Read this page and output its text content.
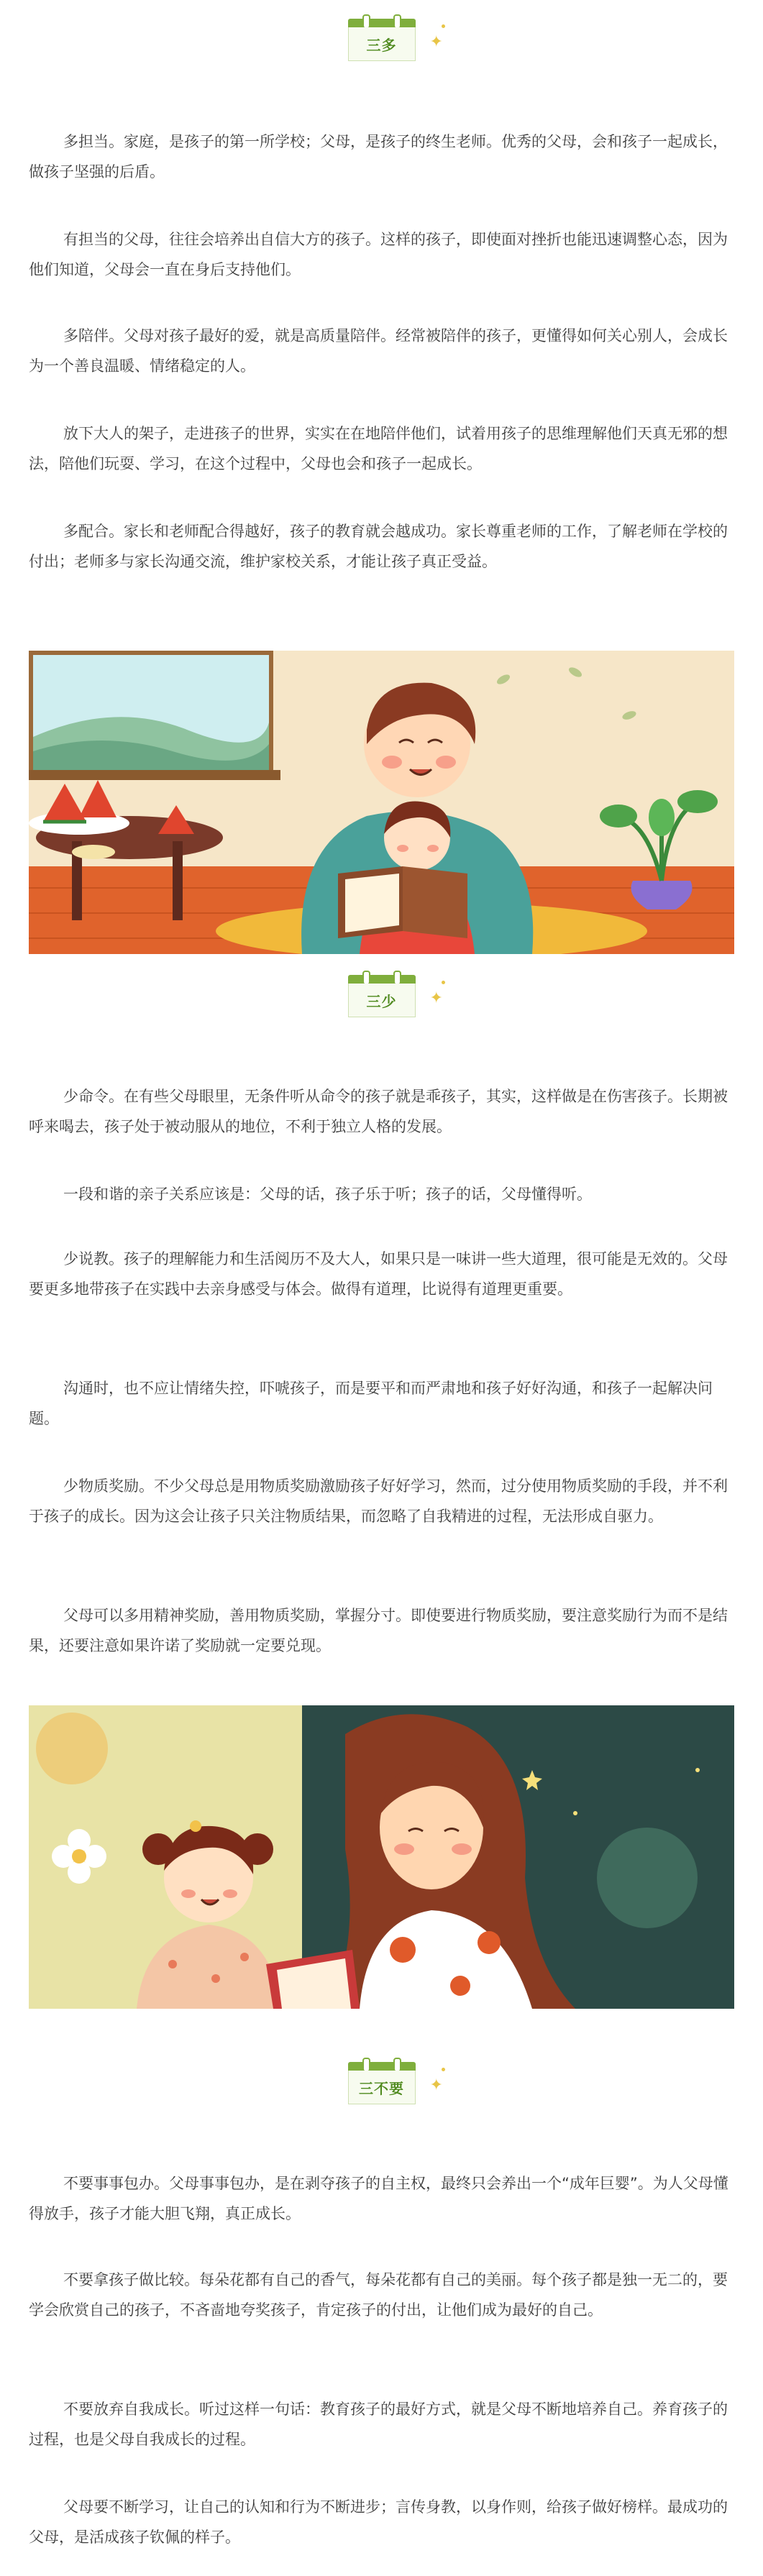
三多	✦

多担当。家庭，是孩子的第一所学校；父母，是孩子的终生老师。优秀的父母，会和孩子一起成长，做孩子坚强的后盾。

有担当的父母，往往会培养出自信大方的孩子。这样的孩子，即使面对挫折也能迅速调整心态，因为他们知道，父母会一直在身后支持他们。

多陪伴。父母对孩子最好的爱，就是高质量陪伴。经常被陪伴的孩子，更懂得如何关心别人，会成长为一个善良温暖、情绪稳定的人。

放下大人的架子，走进孩子的世界，实实在在地陪伴他们，试着用孩子的思维理解他们天真无邪的想法，陪他们玩耍、学习，在这个过程中，父母也会和孩子一起成长。

多配合。家长和老师配合得越好，孩子的教育就会越成功。家长尊重老师的工作，了解老师在学校的付出；老师多与家长沟通交流，维护家校关系，才能让孩子真正受益。

三少	✦

少命令。在有些父母眼里，无条件听从命令的孩子就是乖孩子，其实，这样做是在伤害孩子。长期被呼来喝去，孩子处于被动服从的地位，不利于独立人格的发展。

一段和谐的亲子关系应该是：父母的话，孩子乐于听；孩子的话，父母懂得听。

少说教。孩子的理解能力和生活阅历不及大人，如果只是一味讲一些大道理，很可能是无效的。父母要更多地带孩子在实践中去亲身感受与体会。做得有道理，比说得有道理更重要。

沟通时，也不应让情绪失控，吓唬孩子，而是要平和而严肃地和孩子好好沟通，和孩子一起解决问题。

少物质奖励。不少父母总是用物质奖励激励孩子好好学习，然而，过分使用物质奖励的手段，并不利于孩子的成长。因为这会让孩子只关注物质结果，而忽略了自我精进的过程，无法形成自驱力。

父母可以多用精神奖励，善用物质奖励，掌握分寸。即使要进行物质奖励，要注意奖励行为而不是结果，还要注意如果许诺了奖励就一定要兑现。

三不要	✦

不要事事包办。父母事事包办，是在剥夺孩子的自主权，最终只会养出一个“成年巨婴”。为人父母懂得放手，孩子才能大胆飞翔，真正成长。

不要拿孩子做比较。每朵花都有自己的香气，每朵花都有自己的美丽。每个孩子都是独一无二的，要学会欣赏自己的孩子，不吝啬地夸奖孩子，肯定孩子的付出，让他们成为最好的自己。

不要放弃自我成长。听过这样一句话：教育孩子的最好方式，就是父母不断地培养自己。养育孩子的过程，也是父母自我成长的过程。

父母要不断学习，让自己的认知和行为不断进步；言传身教，以身作则，给孩子做好榜样。最成功的父母，是活成孩子钦佩的样子。
